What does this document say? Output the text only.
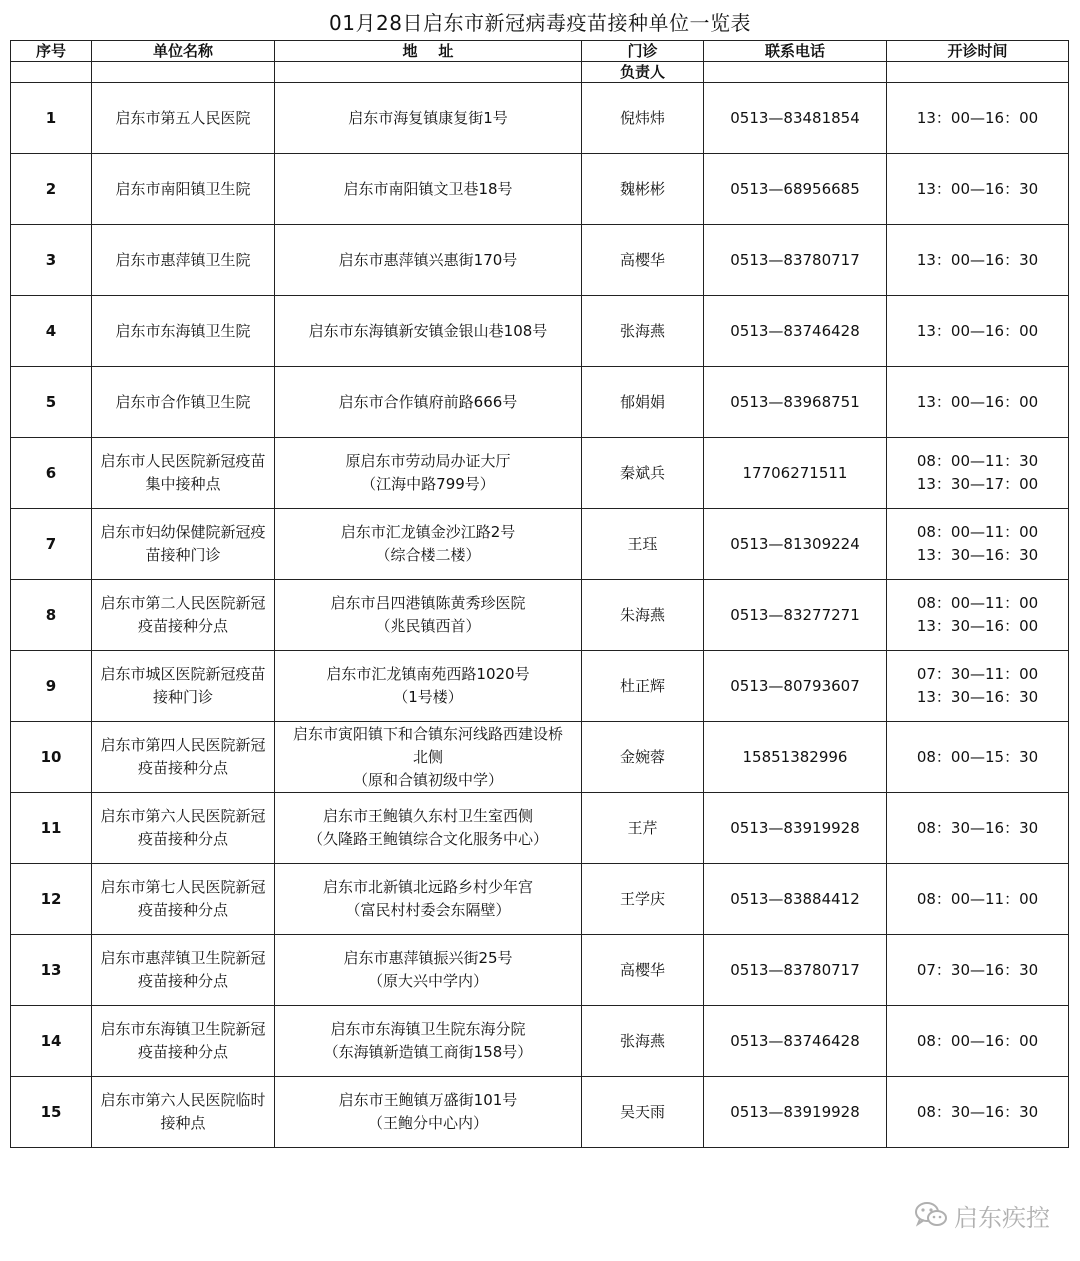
01月28日启东市新冠病毒疫苗接种单位一览表
序号	单位名称	地    址	门诊	联系电话	开诊时间
			负责人		
1	启东市第五人民医院	启东市海复镇康复街1号	倪炜炜	0513—83481854	13：00—16：00

2	启东市南阳镇卫生院	启东市南阳镇文卫巷18号	魏彬彬	0513—68956685	13：00—16：30

3	启东市惠萍镇卫生院	启东市惠萍镇兴惠街170号	高樱华	0513—83780717	13：00—16：30

4	启东市东海镇卫生院	启东市东海镇新安镇金银山巷108号	张海燕	0513—83746428	13：00—16：00

5	启东市合作镇卫生院	启东市合作镇府前路666号	郁娟娟	0513—83968751	13：00—16：00

6	启东市人民医院新冠疫苗
集中接种点	原启东市劳动局办证大厅
（江海中路799号）	秦斌兵	17706271511	08：00—11：30
13：30—17：00

7	启东市妇幼保健院新冠疫
苗接种门诊	启东市汇龙镇金沙江路2号
（综合楼二楼）	王珏	0513—81309224	08：00—11：00
13：30—16：30

8	启东市第二人民医院新冠
疫苗接种分点	启东市吕四港镇陈黄秀珍医院
（兆民镇西首）	朱海燕	0513—83277271	08：00—11：00
13：30—16：00

9	启东市城区医院新冠疫苗
接种门诊	启东市汇龙镇南苑西路1020号
（1号楼）	杜正辉	0513—80793607	07：30—11：00
13：30—16：30

10	启东市第四人民医院新冠
疫苗接种分点	启东市寅阳镇下和合镇东河线路西建设桥
北侧
（原和合镇初级中学）	金婉蓉	15851382996	08：00—15：30

11	启东市第六人民医院新冠
疫苗接种分点	启东市王鲍镇久东村卫生室西侧
（久隆路王鲍镇综合文化服务中心）	王芹	0513—83919928	08：30—16：30

12	启东市第七人民医院新冠
疫苗接种分点	启东市北新镇北远路乡村少年宫
（富民村村委会东隔壁）	王学庆	0513—83884412	08：00—11：00

13	启东市惠萍镇卫生院新冠
疫苗接种分点	启东市惠萍镇振兴街25号
（原大兴中学内）	高樱华	0513—83780717	07：30—16：30

14	启东市东海镇卫生院新冠
疫苗接种分点	启东市东海镇卫生院东海分院
（东海镇新造镇工商街158号）	张海燕	0513—83746428	08：00—16：00

15	启东市第六人民医院临时
接种点	启东市王鲍镇万盛街101号
（王鲍分中心内）	吴天雨	0513—83919928	08：30—16：30
启东疾控
